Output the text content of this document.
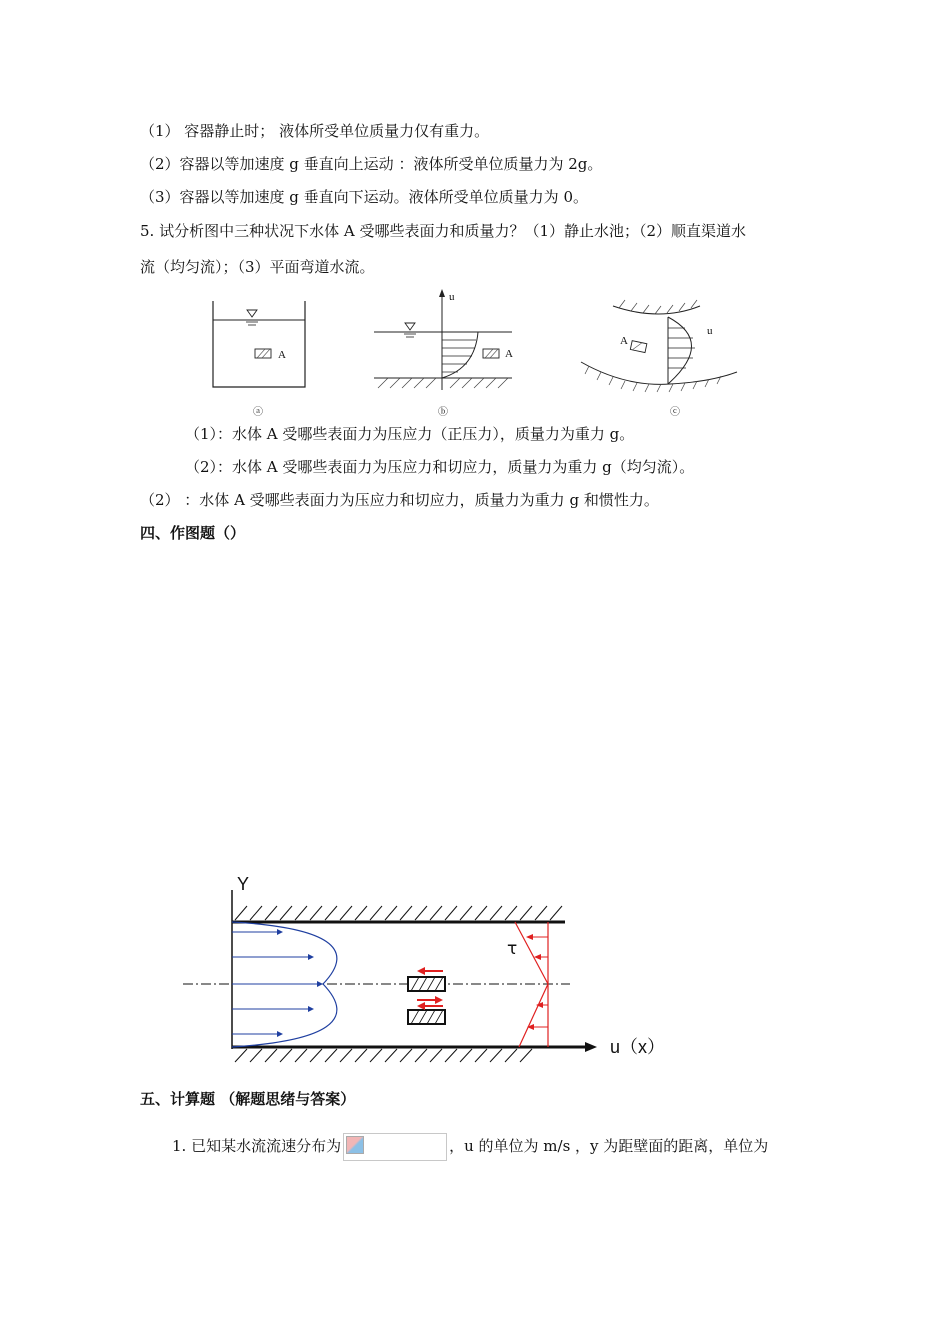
（1） 容器静止时； 液体所受单位质量力仅有重力。
（2）容器以等加速度 g 垂直向上运动 ：液体所受单位质量力为 2g。
（3）容器以等加速度 g 垂直向下运动。液体所受单位质量力为 0。
5. 试分析图中三种状况下水体 A 受哪些表面力和质量力？（1）静止水池；（2）顺直渠道水
流（均匀流）；（3）平面弯道水流。
A
u
A
u
A
ⓐ	ⓑ	ⓒ
（1）：水体 A 受哪些表面力为压应力（正压力），质量力为重力 g。
（2）：水体 A 受哪些表面力为压应力和切应力，质量力为重力 g（均匀流）。
（2） ：水体 A 受哪些表面力为压应力和切应力，质量力为重力 g 和惯性力。
四、作图题（）
Y
u（x）
τ
五、计算题 （解题思绪与答案）
1. 已知某水流流速分布为	，u 的单位为 m/s ，y 为距壁面的距离，单位为
